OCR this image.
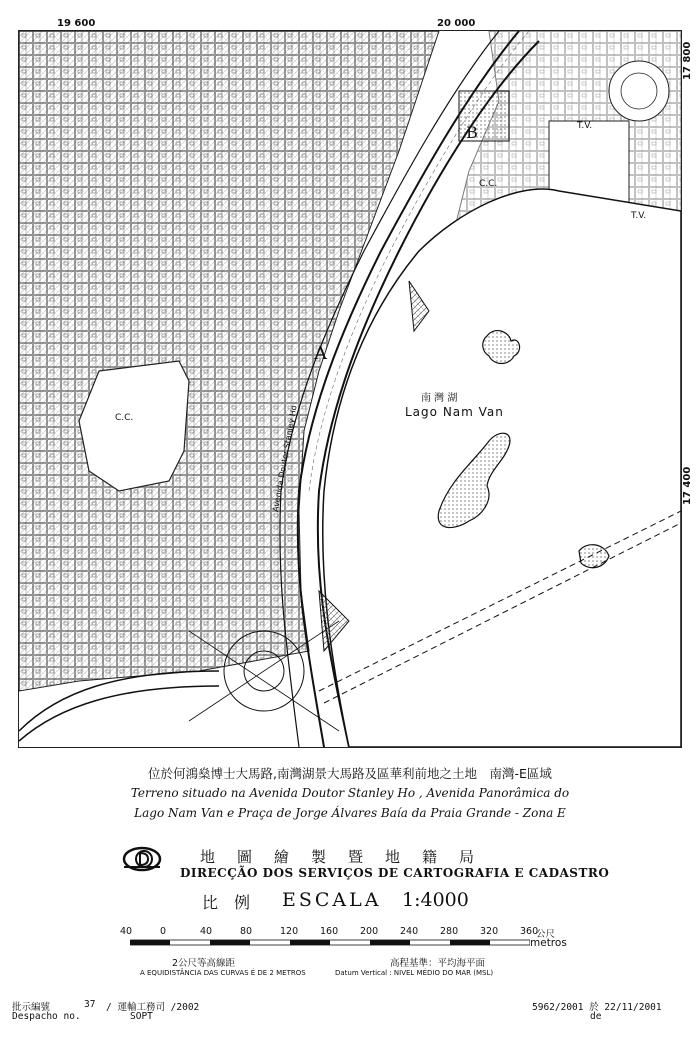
19 600	20 000
17 800
17 400
A
B
南 灣 湖
Lago Nam Van
C.C.
C.C.
T.V.
T.V.
Avenida Doutor Stanley Ho
位於何鴻燊博士大馬路,南灣湖景大馬路及區華利前地之土地　南灣-E區域
Terreno situado na Avenida Doutor Stanley Ho , Avenida Panorâmica do
Lago Nam Van e Praça de Jorge Álvares Baía da Praia Grande - Zona E
地圖繪製暨地籍局
DIRECÇÃO DOS SERVIÇOS DE CARTOGRAFIA E CADASTRO
比　例 ESCALA 1:4000
40	0	40	80	120 160 200 240 280 320 360
公尺
metros
2公尺等高線距
A EQUIDISTÂNCIA DAS CURVAS É DE 2 METROS
高程基準：平均海平面
Datum Vertical : NIVEL MÉDIO DO MAR (MSL)
批示編號	37 / 運輸工務司 /2002
Despacho no.	SOPT
5962/2001 於 22/11/2001
de
